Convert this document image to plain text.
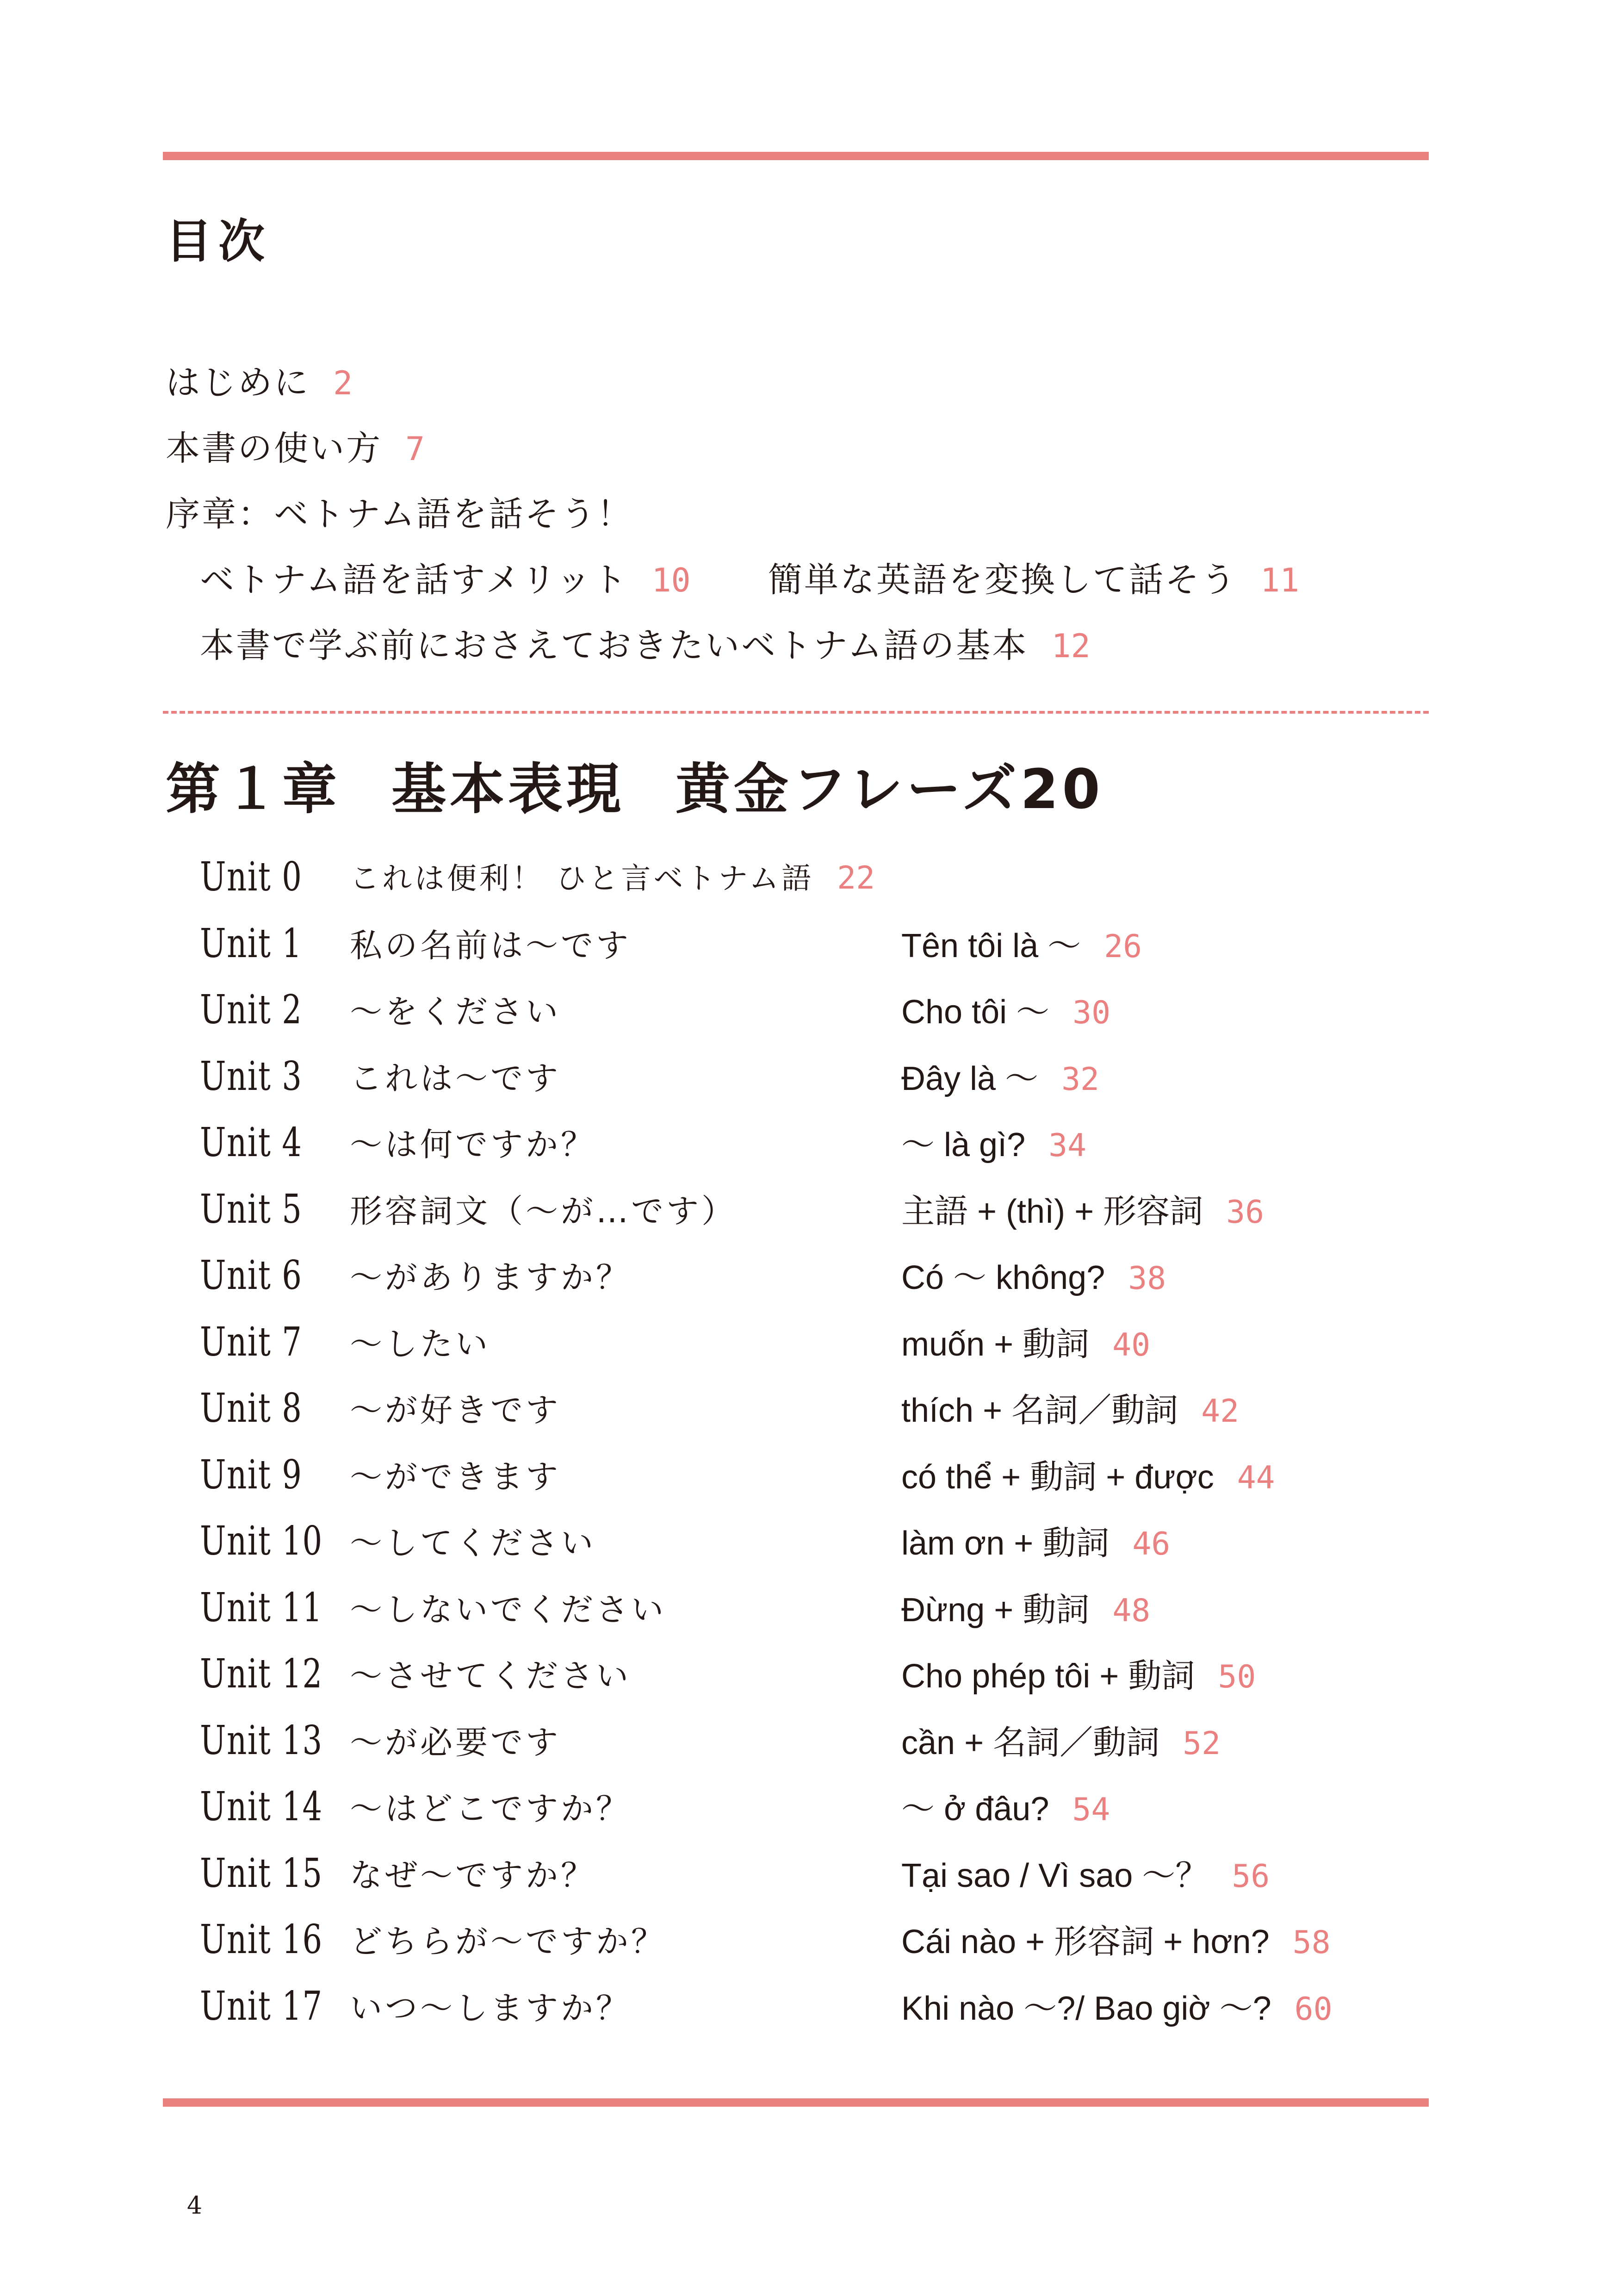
目次
はじめに 2
本書の使い方 7
序章：ベトナム語を話そう！
ベトナム語を話すメリット 10 簡単な英語を変換して話そう 11
本書で学ぶ前におさえておきたいベトナム語の基本 12
第１章 基本表現 黄金フレーズ20
Unit 0 これは便利！ ひと言ベトナム語 22
Unit 1 私の名前は～です	Tên tôi là ～ 26
Unit 2 ～をください	Cho tôi ～ 30
Unit 3 これは～です	Đây là ～ 32
Unit 4 ～は何ですか？	～ là gì? 34
Unit 5 形容詞文（～が…です）	主語 + (thì) + 形容詞 36
Unit 6 ～がありますか？	Có ～ không? 38
Unit 7 ～したい	muốn + 動詞 40
Unit 8 ～が好きです	thích + 名詞／動詞 42
Unit 9 ～ができます	có thể + 動詞 + được 44
Unit 10 ～してください	làm ơn + 動詞 46
Unit 11 ～しないでください	Đừng + 動詞 48
Unit 12 ～させてください	Cho phép tôi + 動詞 50
Unit 13 ～が必要です	cần + 名詞／動詞 52
Unit 14 ～はどこですか？	～ ở đâu? 54
Unit 15 なぜ～ですか？	Tại sao / Vì sao ～？ 56
Unit 16 どちらが～ですか？	Cái nào + 形容詞 + hơn? 58
Unit 17 いつ～しますか？	Khi nào ～?/ Bao giờ ～? 60
4
